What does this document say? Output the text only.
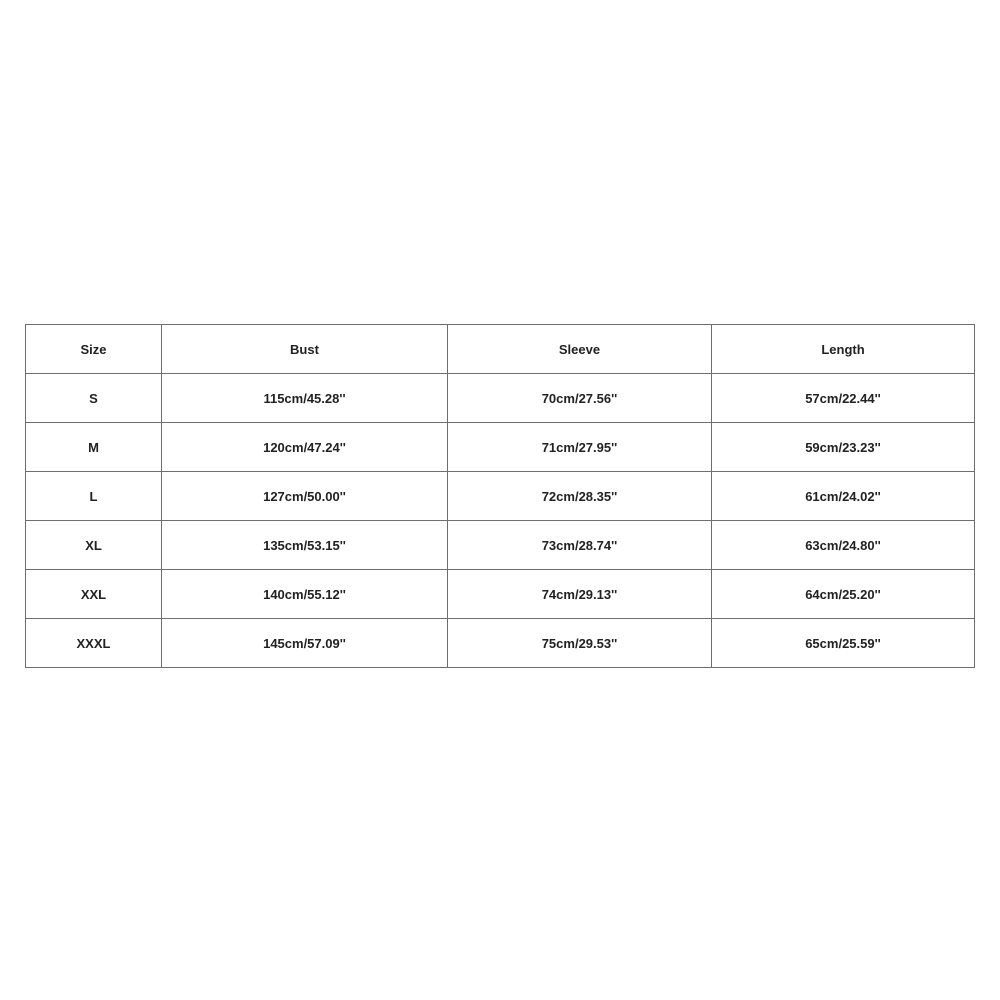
Size	Bust	Sleeve	Length
S	115cm/45.28''	70cm/27.56''	57cm/22.44''
M	120cm/47.24''	71cm/27.95''	59cm/23.23''
L	127cm/50.00''	72cm/28.35''	61cm/24.02''
XL	135cm/53.15''	73cm/28.74''	63cm/24.80''
XXL	140cm/55.12''	74cm/29.13''	64cm/25.20''
XXXL	145cm/57.09''	75cm/29.53''	65cm/25.59''
